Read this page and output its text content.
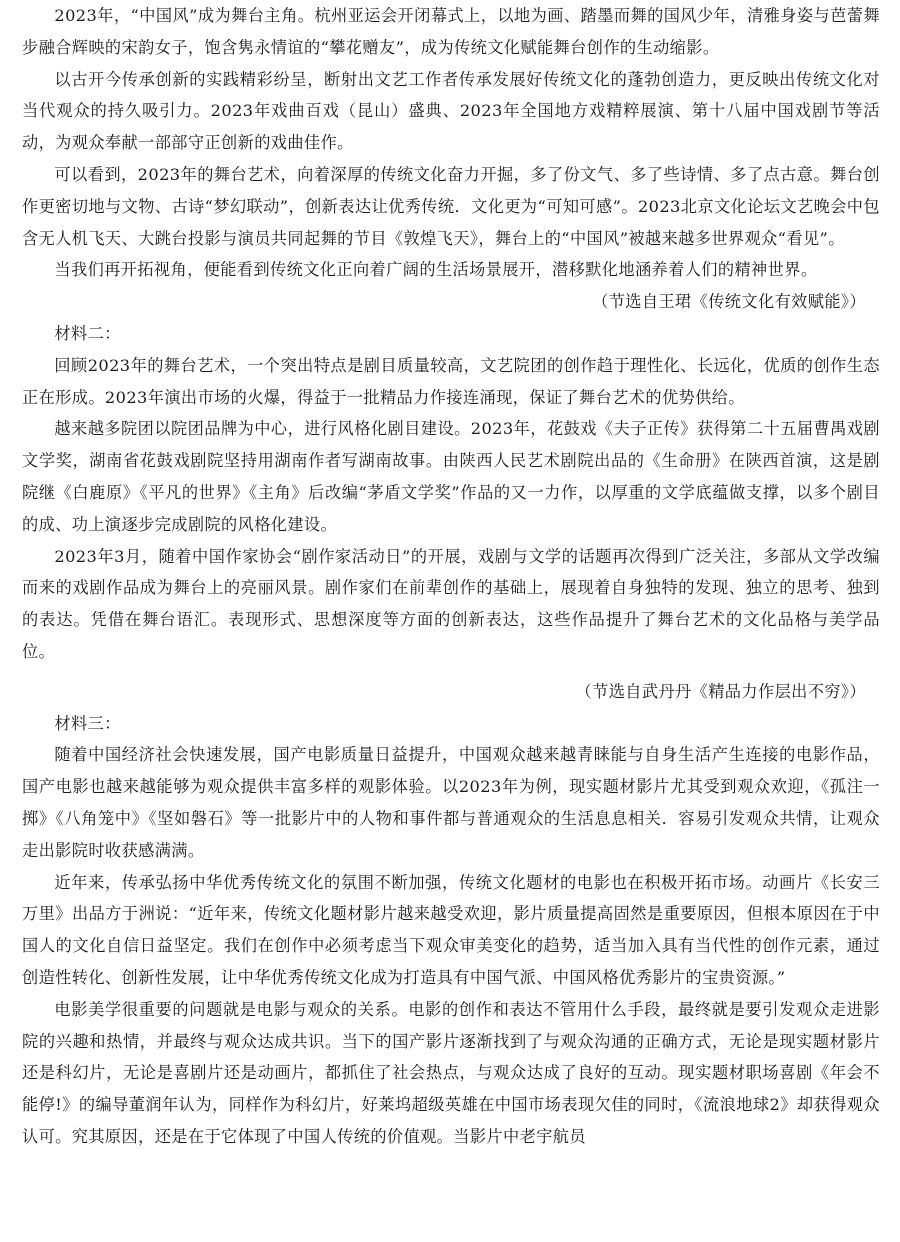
2023年，“中国风”成为舞台主角。杭州亚运会开闭幕式上，以地为画、踏墨而舞的国风少年，清雅身姿与芭蕾舞步融合辉映的宋韵女子，饱含隽永情谊的“攀花赠友”，成为传统文化赋能舞台创作的生动缩影。

以古开今传承创新的实践精彩纷呈，断射出文艺工作者传承发展好传统文化的蓬勃创造力，更反映出传统文化对当代观众的持久吸引力。2023年戏曲百戏（昆山）盛典、2023年全国地方戏精粹展演、第十八届中国戏剧节等活动，为观众奉献一部部守正创新的戏曲佳作。

可以看到，2023年的舞台艺术，向着深厚的传统文化奋力开掘，多了份文气、多了些诗情、多了点古意。舞台创作更密切地与文物、古诗“梦幻联动”，创新表达让优秀传统．文化更为“可知可感”。2023北京文化论坛文艺晚会中包含无人机飞天、大跳台投影与演员共同起舞的节目《敦煌飞天》，舞台上的“中国风”被越来越多世界观众“看见”。

当我们再开拓视角，便能看到传统文化正向着广阔的生活场景展开，潜移默化地涵养着人们的精神世界。

（节选自王珺《传统文化有效赋能》）

材料二：

回顾2023年的舞台艺术，一个突出特点是剧目质量较高，文艺院团的创作趋于理性化、长远化，优质的创作生态正在形成。2023年演出市场的火爆，得益于一批精品力作接连涌现，保证了舞台艺术的优势供给。

越来越多院团以院团品牌为中心，进行风格化剧目建设。2023年，花鼓戏《夫子正传》获得第二十五届曹禺戏剧文学奖，湖南省花鼓戏剧院坚持用湖南作者写湖南故事。由陕西人民艺术剧院出品的《生命册》在陕西首演，这是剧院继《白鹿原》《平凡的世界》《主角》后改编“茅盾文学奖”作品的又一力作，以厚重的文学底蕴做支撑，以多个剧目的成、功上演逐步完成剧院的风格化建设。

2023年3月，随着中国作家协会“剧作家活动日”的开展，戏剧与文学的话题再次得到广泛关注，多部从文学改编而来的戏剧作品成为舞台上的亮丽风景。剧作家们在前辈创作的基础上，展现着自身独特的发现、独立的思考、独到的表达。凭借在舞台语汇。表现形式、思想深度等方面的创新表达，这些作品提升了舞台艺术的文化品格与美学品位。

（节选自武丹丹《精品力作层出不穷》）

材料三：

随着中国经济社会快速发展，国产电影质量日益提升，中国观众越来越青睐能与自身生活产生连接的电影作品，国产电影也越来越能够为观众提供丰富多样的观影体验。以2023年为例，现实题材影片尤其受到观众欢迎，《孤注一掷》《八角笼中》《坚如磐石》等一批影片中的人物和事件都与普通观众的生活息息相关．容易引发观众共情，让观众走出影院时收获感满满。

近年来，传承弘扬中华优秀传统文化的氛围不断加强，传统文化题材的电影也在积极开拓市场。动画片《长安三万里》出品方于洲说：“近年来，传统文化题材影片越来越受欢迎，影片质量提高固然是重要原因，但根本原因在于中国人的文化自信日益坚定。我们在创作中必须考虑当下观众审美变化的趋势，适当加入具有当代性的创作元素，通过创造性转化、创新性发展，让中华优秀传统文化成为打造具有中国气派、中国风格优秀影片的宝贵资源。”

电影美学很重要的问题就是电影与观众的关系。电影的创作和表达不管用什么手段，最终就是要引发观众走进影院的兴趣和热情，并最终与观众达成共识。当下的国产影片逐渐找到了与观众沟通的正确方式，无论是现实题材影片还是科幻片，无论是喜剧片还是动画片，都抓住了社会热点，与观众达成了良好的互动。现实题材职场喜剧《年会不能停!》的编导董润年认为，同样作为科幻片，好莱坞超级英雄在中国市场表现欠佳的同时，《流浪地球2》却获得观众认可。究其原因，还是在于它体现了中国人传统的价值观。当影片中老宇航员
